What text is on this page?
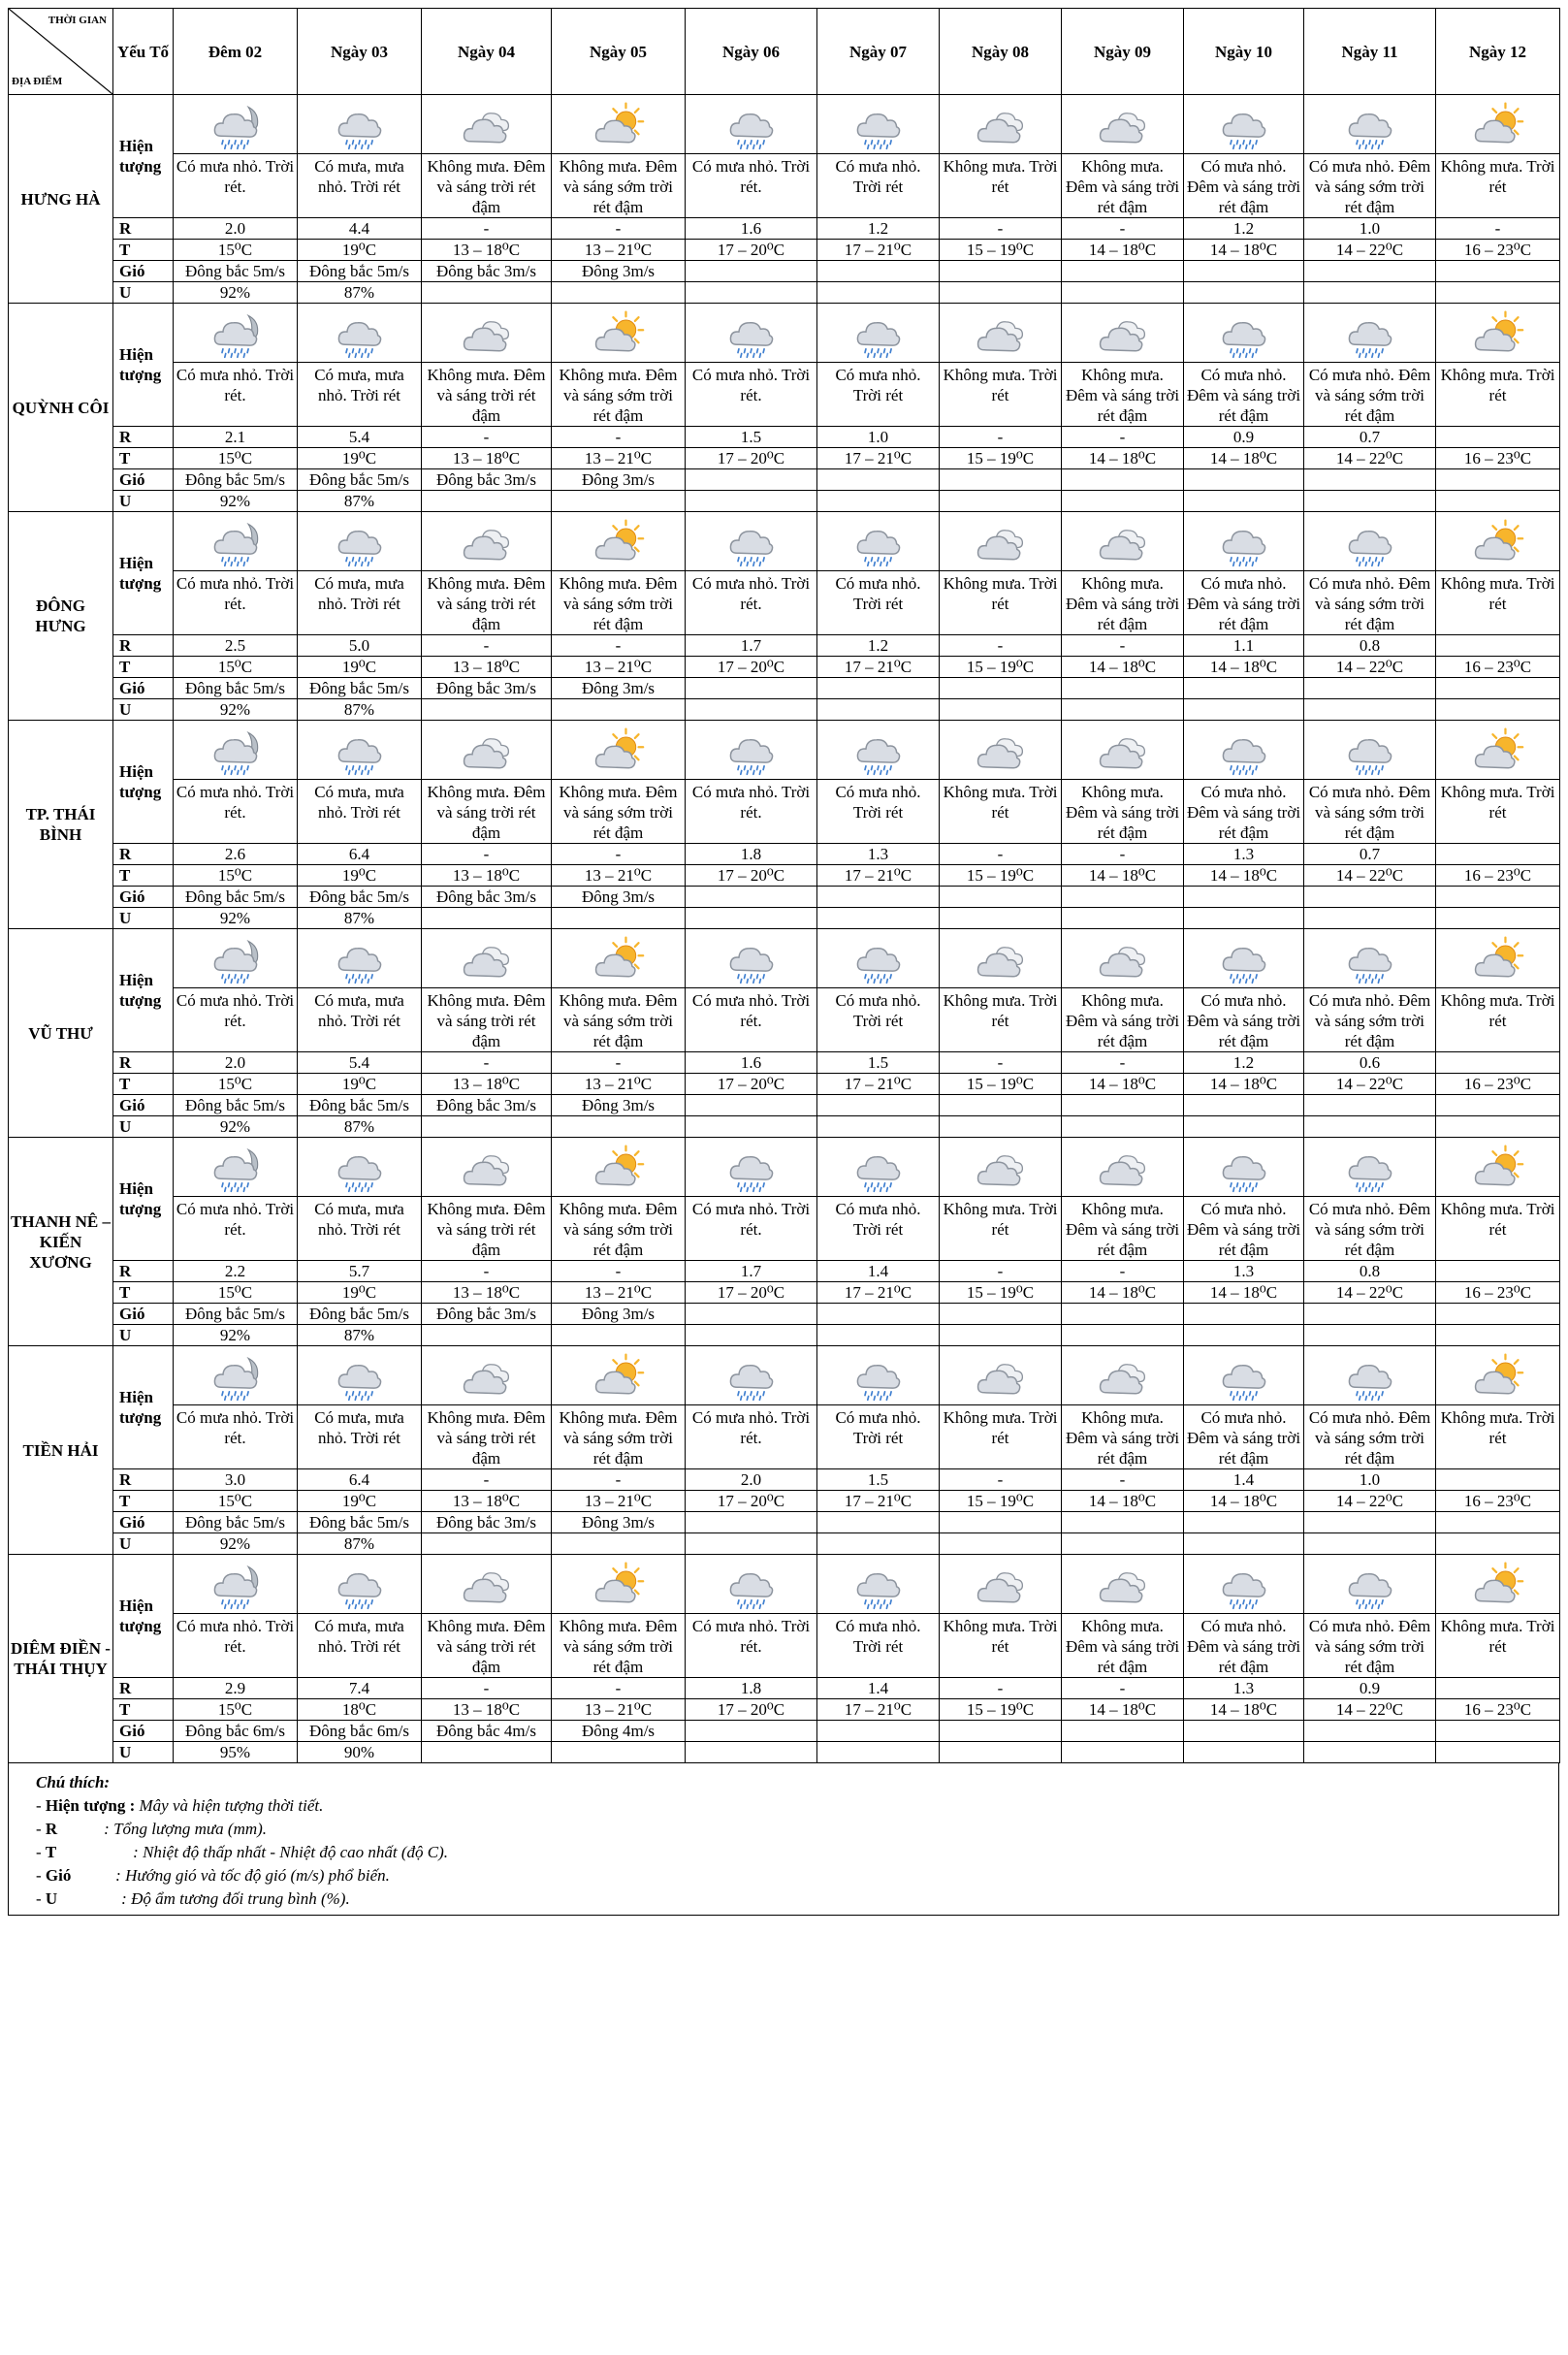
THỜI GIAN
ĐỊA ĐIỂM	Yếu Tố	Đêm 02	Ngày 03	Ngày 04	Ngày 05	Ngày 06	Ngày 07	Ngày 08	Ngày 09	Ngày 10	Ngày 11	Ngày 12
HƯNG HÀ	Hiện tượng	

		Có mưa nhỏ. Trời rét.	Có mưa, mưa nhỏ. Trời rét	Không mưa. Đêm và sáng trời rét đậm	Không mưa. Đêm và sáng sớm trời rét đậm	Có mưa nhỏ. Trời rét.	Có mưa nhỏ. Trời rét	Không mưa. Trời rét	Không mưa. Đêm và sáng trời rét đậm	Có mưa nhỏ. Đêm và sáng trời rét đậm	Có mưa nhỏ. Đêm và sáng sớm trời rét đậm	Không mưa. Trời rét
	R	2.0	4.4	-	-	1.6	1.2	-	-	1.2	1.0	-
	T	15⁰C	19⁰C	13 – 18⁰C	13 – 21⁰C	17 – 20⁰C	17 – 21⁰C	15 – 19⁰C	14 – 18⁰C	14 – 18⁰C	14 – 22⁰C	16 – 23⁰C
	Gió	Đông bắc 5m/s	Đông bắc 5m/s	Đông bắc 3m/s	Đông 3m/s							
	U	92%	87%									
QUỲNH CÔI	Hiện tượng	

		Có mưa nhỏ. Trời rét.	Có mưa, mưa nhỏ. Trời rét	Không mưa. Đêm và sáng trời rét đậm	Không mưa. Đêm và sáng sớm trời rét đậm	Có mưa nhỏ. Trời rét.	Có mưa nhỏ. Trời rét	Không mưa. Trời rét	Không mưa. Đêm và sáng trời rét đậm	Có mưa nhỏ. Đêm và sáng trời rét đậm	Có mưa nhỏ. Đêm và sáng sớm trời rét đậm	Không mưa. Trời rét
	R	2.1	5.4	-	-	1.5	1.0	-	-	0.9	0.7	
	T	15⁰C	19⁰C	13 – 18⁰C	13 – 21⁰C	17 – 20⁰C	17 – 21⁰C	15 – 19⁰C	14 – 18⁰C	14 – 18⁰C	14 – 22⁰C	16 – 23⁰C
	Gió	Đông bắc 5m/s	Đông bắc 5m/s	Đông bắc 3m/s	Đông 3m/s							
	U	92%	87%									
ĐÔNG HƯNG	Hiện tượng	

		Có mưa nhỏ. Trời rét.	Có mưa, mưa nhỏ. Trời rét	Không mưa. Đêm và sáng trời rét đậm	Không mưa. Đêm và sáng sớm trời rét đậm	Có mưa nhỏ. Trời rét.	Có mưa nhỏ. Trời rét	Không mưa. Trời rét	Không mưa. Đêm và sáng trời rét đậm	Có mưa nhỏ. Đêm và sáng trời rét đậm	Có mưa nhỏ. Đêm và sáng sớm trời rét đậm	Không mưa. Trời rét
	R	2.5	5.0	-	-	1.7	1.2	-	-	1.1	0.8	
	T	15⁰C	19⁰C	13 – 18⁰C	13 – 21⁰C	17 – 20⁰C	17 – 21⁰C	15 – 19⁰C	14 – 18⁰C	14 – 18⁰C	14 – 22⁰C	16 – 23⁰C
	Gió	Đông bắc 5m/s	Đông bắc 5m/s	Đông bắc 3m/s	Đông 3m/s							
	U	92%	87%									
TP. THÁI BÌNH	Hiện tượng	

		Có mưa nhỏ. Trời rét.	Có mưa, mưa nhỏ. Trời rét	Không mưa. Đêm và sáng trời rét đậm	Không mưa. Đêm và sáng sớm trời rét đậm	Có mưa nhỏ. Trời rét.	Có mưa nhỏ. Trời rét	Không mưa. Trời rét	Không mưa. Đêm và sáng trời rét đậm	Có mưa nhỏ. Đêm và sáng trời rét đậm	Có mưa nhỏ. Đêm và sáng sớm trời rét đậm	Không mưa. Trời rét
	R	2.6	6.4	-	-	1.8	1.3	-	-	1.3	0.7	
	T	15⁰C	19⁰C	13 – 18⁰C	13 – 21⁰C	17 – 20⁰C	17 – 21⁰C	15 – 19⁰C	14 – 18⁰C	14 – 18⁰C	14 – 22⁰C	16 – 23⁰C
	Gió	Đông bắc 5m/s	Đông bắc 5m/s	Đông bắc 3m/s	Đông 3m/s							
	U	92%	87%									
VŨ THƯ	Hiện tượng	

		Có mưa nhỏ. Trời rét.	Có mưa, mưa nhỏ. Trời rét	Không mưa. Đêm và sáng trời rét đậm	Không mưa. Đêm và sáng sớm trời rét đậm	Có mưa nhỏ. Trời rét.	Có mưa nhỏ. Trời rét	Không mưa. Trời rét	Không mưa. Đêm và sáng trời rét đậm	Có mưa nhỏ. Đêm và sáng trời rét đậm	Có mưa nhỏ. Đêm và sáng sớm trời rét đậm	Không mưa. Trời rét
	R	2.0	5.4	-	-	1.6	1.5	-	-	1.2	0.6	
	T	15⁰C	19⁰C	13 – 18⁰C	13 – 21⁰C	17 – 20⁰C	17 – 21⁰C	15 – 19⁰C	14 – 18⁰C	14 – 18⁰C	14 – 22⁰C	16 – 23⁰C
	Gió	Đông bắc 5m/s	Đông bắc 5m/s	Đông bắc 3m/s	Đông 3m/s							
	U	92%	87%									
THANH NÊ – KIẾN XƯƠNG	Hiện tượng	

		Có mưa nhỏ. Trời rét.	Có mưa, mưa nhỏ. Trời rét	Không mưa. Đêm và sáng trời rét đậm	Không mưa. Đêm và sáng sớm trời rét đậm	Có mưa nhỏ. Trời rét.	Có mưa nhỏ. Trời rét	Không mưa. Trời rét	Không mưa. Đêm và sáng trời rét đậm	Có mưa nhỏ. Đêm và sáng trời rét đậm	Có mưa nhỏ. Đêm và sáng sớm trời rét đậm	Không mưa. Trời rét
	R	2.2	5.7	-	-	1.7	1.4	-	-	1.3	0.8	
	T	15⁰C	19⁰C	13 – 18⁰C	13 – 21⁰C	17 – 20⁰C	17 – 21⁰C	15 – 19⁰C	14 – 18⁰C	14 – 18⁰C	14 – 22⁰C	16 – 23⁰C
	Gió	Đông bắc 5m/s	Đông bắc 5m/s	Đông bắc 3m/s	Đông 3m/s							
	U	92%	87%									
TIỀN HẢI	Hiện tượng	

		Có mưa nhỏ. Trời rét.	Có mưa, mưa nhỏ. Trời rét	Không mưa. Đêm và sáng trời rét đậm	Không mưa. Đêm và sáng sớm trời rét đậm	Có mưa nhỏ. Trời rét.	Có mưa nhỏ. Trời rét	Không mưa. Trời rét	Không mưa. Đêm và sáng trời rét đậm	Có mưa nhỏ. Đêm và sáng trời rét đậm	Có mưa nhỏ. Đêm và sáng sớm trời rét đậm	Không mưa. Trời rét
	R	3.0	6.4	-	-	2.0	1.5	-	-	1.4	1.0	
	T	15⁰C	19⁰C	13 – 18⁰C	13 – 21⁰C	17 – 20⁰C	17 – 21⁰C	15 – 19⁰C	14 – 18⁰C	14 – 18⁰C	14 – 22⁰C	16 – 23⁰C
	Gió	Đông bắc 5m/s	Đông bắc 5m/s	Đông bắc 3m/s	Đông 3m/s							
	U	92%	87%									
DIÊM ĐIỀN - THÁI THỤY	Hiện tượng	

		Có mưa nhỏ. Trời rét.	Có mưa, mưa nhỏ. Trời rét	Không mưa. Đêm và sáng trời rét đậm	Không mưa. Đêm và sáng sớm trời rét đậm	Có mưa nhỏ. Trời rét.	Có mưa nhỏ. Trời rét	Không mưa. Trời rét	Không mưa. Đêm và sáng trời rét đậm	Có mưa nhỏ. Đêm và sáng trời rét đậm	Có mưa nhỏ. Đêm và sáng sớm trời rét đậm	Không mưa. Trời rét
	R	2.9	7.4	-	-	1.8	1.4	-	-	1.3	0.9	
	T	15⁰C	18⁰C	13 – 18⁰C	13 – 21⁰C	17 – 20⁰C	17 – 21⁰C	15 – 19⁰C	14 – 18⁰C	14 – 18⁰C	14 – 22⁰C	16 – 23⁰C
	Gió	Đông bắc 6m/s	Đông bắc 6m/s	Đông bắc 4m/s	Đông 4m/s							
	U	95%	90%									
Chú thích:
- Hiện tượng : Mây và hiện tượng thời tiết.
- R	: Tổng lượng mưa (mm).
- T	: Nhiệt độ thấp nhất - Nhiệt độ cao nhất (độ C).
- Gió	: Hướng gió và tốc độ gió (m/s) phổ biến.
- U	: Độ ẩm tương đối trung bình (%).
